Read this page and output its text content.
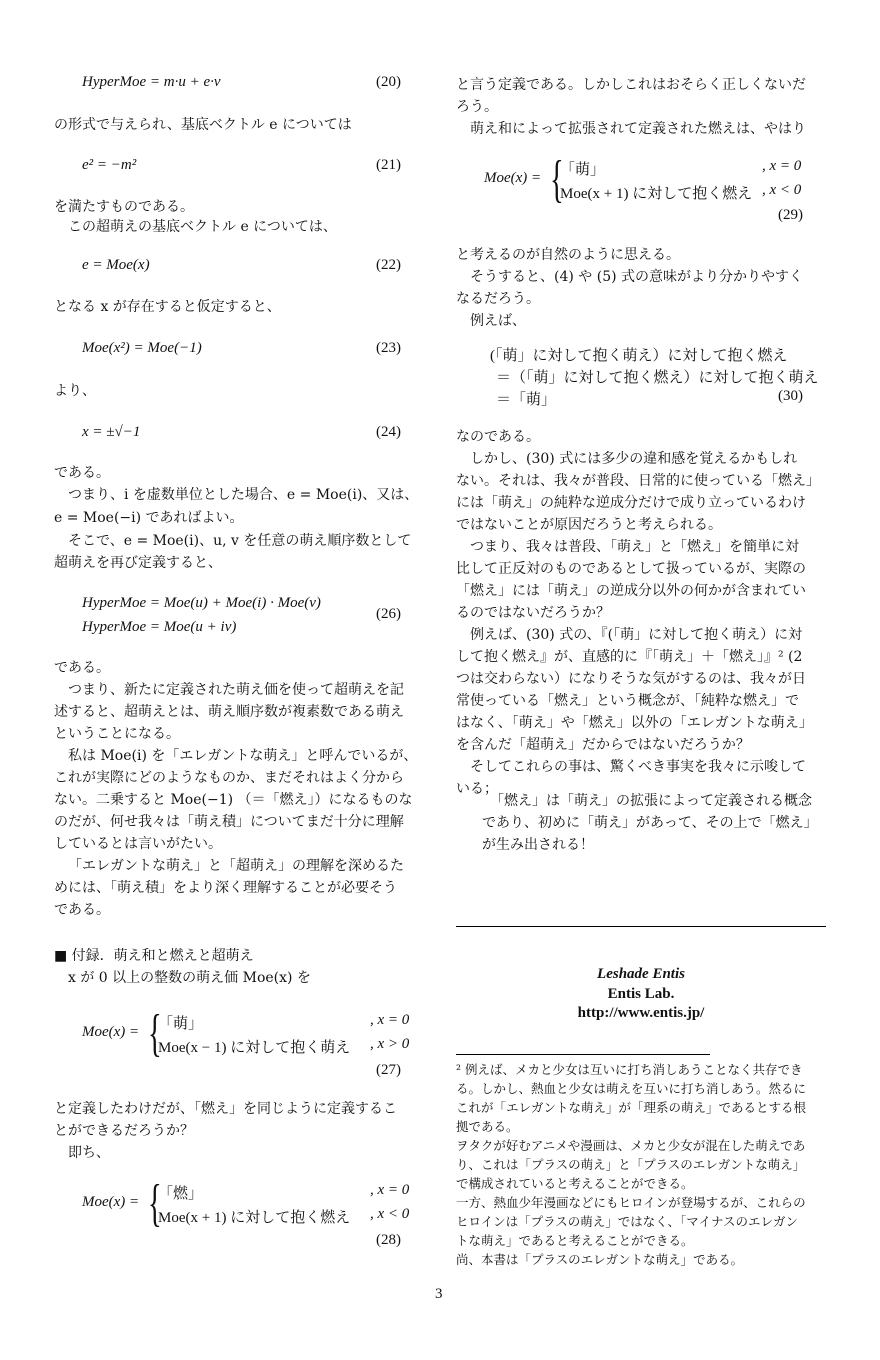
HyperMoe = m·u + e·v	(20)
の形式で与えられ、基底ベクトル e については
e² = −m²	(21)
を満たすものである。
この超萌えの基底ベクトル e については、
e = Moe(x)	(22)
となる x が存在すると仮定すると、
Moe(x²) = Moe(−1)	(23)
より、
x = ±√−1	(24)
である。
つまり、i を虚数単位とした場合、e = Moe(i)、又は、
e = Moe(−i) であればよい。
そこで、e = Moe(i)、u, v を任意の萌え順序数として
超萌えを再び定義すると、
HyperMoe = Moe(u) + Moe(i) · Moe(v)
HyperMoe = Moe(u + iv)
(26)
である。
つまり、新たに定義された萌え価を使って超萌えを記
述すると、超萌えとは、萌え順序数が複素数である萌え
ということになる。
私は Moe(i) を「エレガントな萌え」と呼んでいるが、
これが実際にどのようなものか、まだそれはよく分から
ない。二乗すると Moe(−1) （＝「燃え」）になるものな
のだが、何せ我々は「萌え積」についてまだ十分に理解
しているとは言いがたい。
「エレガントな萌え」と「超萌え」の理解を深めるた
めには、「萌え積」をより深く理解することが必要そう
である。
■ 付録．萌え和と燃えと超萌え
x が 0 以上の整数の萌え価 Moe(x) を
Moe(x) = {
「萌」	, x = 0
Moe(x − 1) に対して抱く萌え , x > 0
(27)
と定義したわけだが、「燃え」を同じように定義するこ
とができるだろうか？
即ち、
Moe(x) = {
「燃」	, x = 0
Moe(x + 1) に対して抱く燃え , x < 0
(28)
と言う定義である。しかしこれはおそらく正しくないだ
ろう。
萌え和によって拡張されて定義された燃えは、やはり
Moe(x) = {
「萌」	, x = 0
Moe(x + 1) に対して抱く燃え , x < 0
(29)
と考えるのが自然のように思える。
そうすると、(4) や (5) 式の意味がより分かりやすく
なるだろう。
例えば、
(「萌」に対して抱く萌え）に対して抱く燃え
＝（「萌」に対して抱く燃え）に対して抱く萌え
＝「萌」	(30)
なのである。
しかし、(30) 式には多少の違和感を覚えるかもしれ
ない。それは、我々が普段、日常的に使っている「燃え」
には「萌え」の純粋な逆成分だけで成り立っているわけ
ではないことが原因だろうと考えられる。
つまり、我々は普段、「萌え」と「燃え」を簡単に対
比して正反対のものであるとして扱っているが、実際の
「燃え」には「萌え」の逆成分以外の何かが含まれてい
るのではないだろうか？
例えば、(30) 式の、『(「萌」に対して抱く萌え）に対
して抱く燃え』が、直感的に『「萌え」＋「燃え」』² (2
つは交わらない）になりそうな気がするのは、我々が日
常使っている「燃え」という概念が、「純粋な燃え」で
はなく、「萌え」や「燃え」以外の「エレガントな萌え」
を含んだ「超萌え」だからではないだろうか？
そしてこれらの事は、驚くべき事実を我々に示唆して
いる；
「燃え」は「萌え」の拡張によって定義される概念
であり、初めに「萌え」があって、その上で「燃え」
が生み出される！
Leshade Entis
Entis Lab.
http://www.entis.jp/
² 例えば、メカと少女は互いに打ち消しあうことなく共存でき
る。しかし、熱血と少女は萌えを互いに打ち消しあう。然るに
これが「エレガントな萌え」が「理系の萌え」であるとする根
拠である。
ヲタクが好むアニメや漫画は、メカと少女が混在した萌えであ
り、これは「プラスの萌え」と「プラスのエレガントな萌え」
で構成されていると考えることができる。
一方、熱血少年漫画などにもヒロインが登場するが、これらの
ヒロインは「プラスの萌え」ではなく、「マイナスのエレガン
トな萌え」であると考えることができる。
尚、本書は「プラスのエレガントな萌え」である。
3
